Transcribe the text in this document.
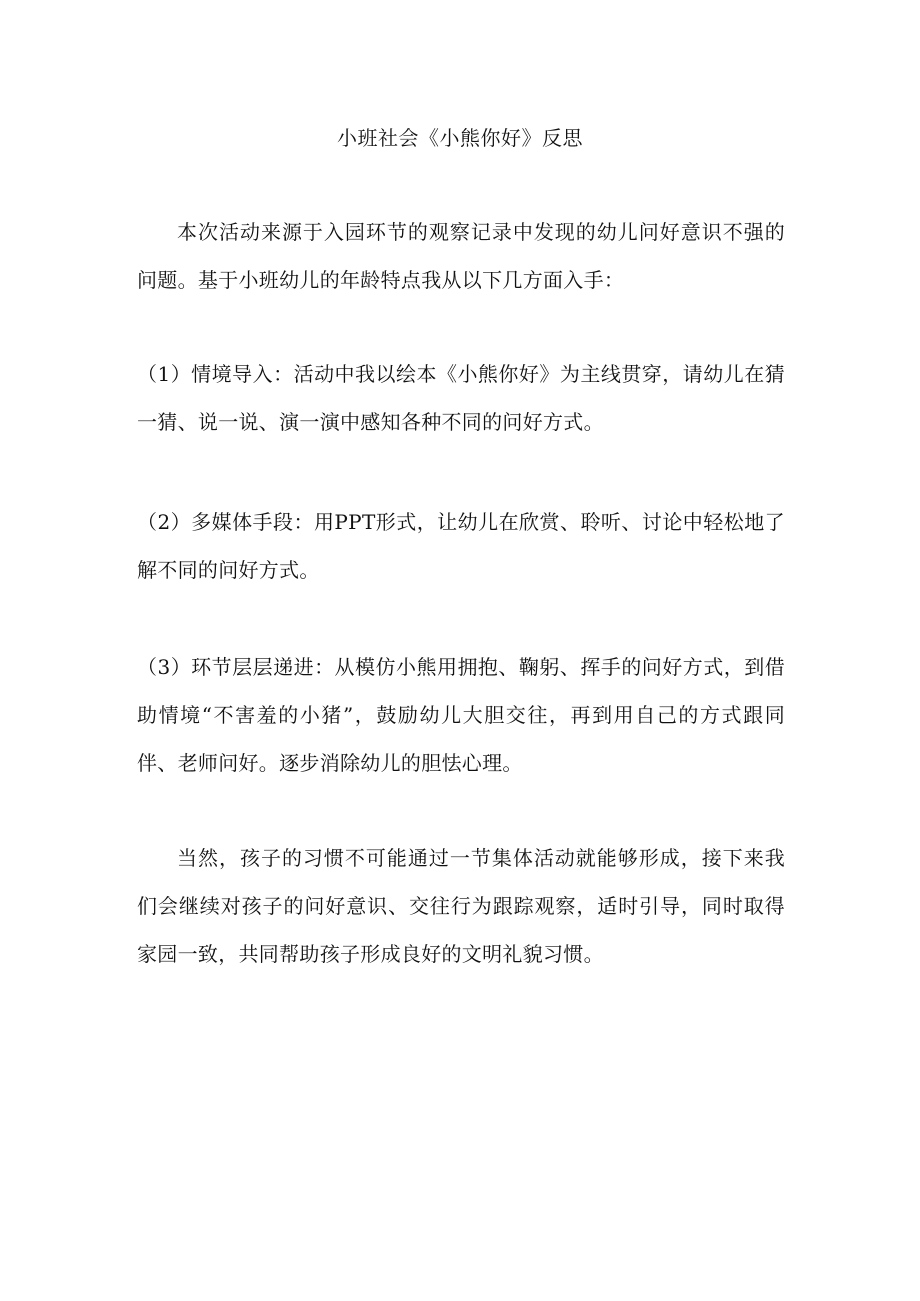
小班社会《小熊你好》反思

本次活动来源于入园环节的观察记录中发现的幼儿问好意识不强的问题。基于小班幼儿的年龄特点我从以下几方面入手：

（1）情境导入：活动中我以绘本《小熊你好》为主线贯穿，请幼儿在猜一猜、说一说、演一演中感知各种不同的问好方式。

（2）多媒体手段：用PPT形式，让幼儿在欣赏、聆听、讨论中轻松地了解不同的问好方式。

（3）环节层层递进：从模仿小熊用拥抱、鞠躬、挥手的问好方式，到借助情境“不害羞的小猪”，鼓励幼儿大胆交往，再到用自己的方式跟同伴、老师问好。逐步消除幼儿的胆怯心理。

当然，孩子的习惯不可能通过一节集体活动就能够形成，接下来我们会继续对孩子的问好意识、交往行为跟踪观察，适时引导，同时取得家园一致，共同帮助孩子形成良好的文明礼貌习惯。
